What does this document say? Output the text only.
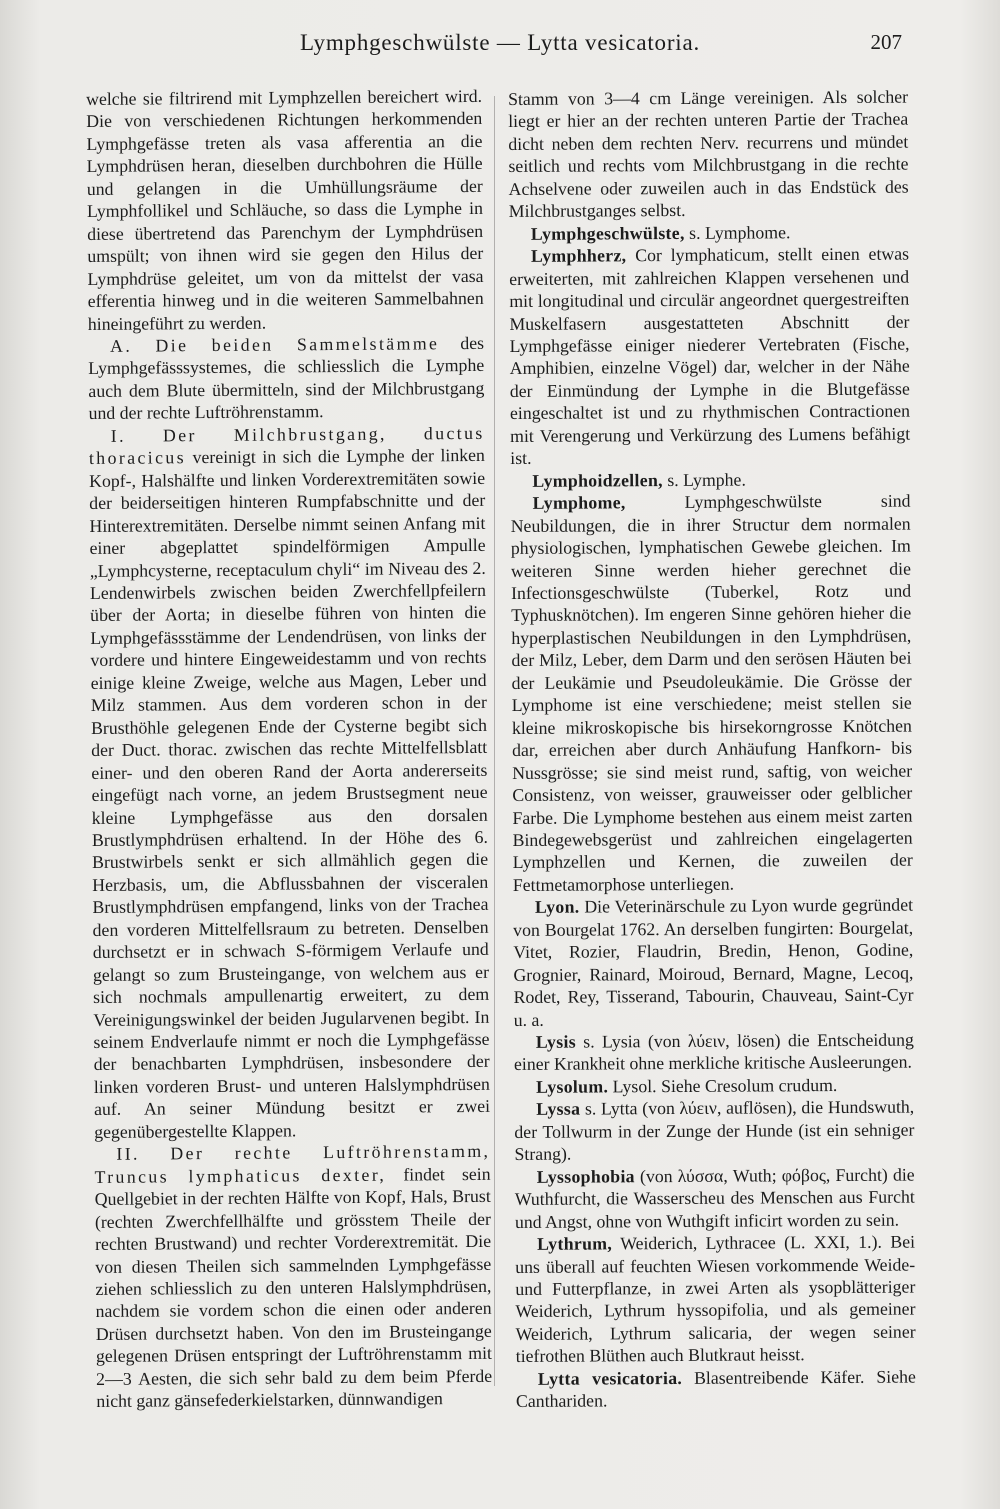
Lymphgeschwülste — Lytta vesicatoria.	207

welche sie filtrirend mit Lymphzellen bereichert wird. Die von verschiedenen Richtungen herkommenden Lymphgefässe treten als vasa afferentia an die Lymphdrüsen heran, dieselben durchbohren die Hülle und gelangen in die Umhüllungsräume der Lymphfollikel und Schläuche, so dass die Lymphe in diese übertretend das Parenchym der Lymphdrüsen umspült; von ihnen wird sie gegen den Hilus der Lymphdrüse geleitet, um von da mittelst der vasa efferentia hinweg und in die weiteren Sammelbahnen hineingeführt zu werden.

A. Die beiden Sammelstämme des Lymphgefässsystemes, die schliesslich die Lymphe auch dem Blute übermitteln, sind der Milchbrustgang und der rechte Luftröhrenstamm.

I. Der Milchbrustgang, ductus thoracicus vereinigt in sich die Lymphe der linken Kopf-, Halshälfte und linken Vorderextremitäten sowie der beiderseitigen hinteren Rumpfabschnitte und der Hinterextremitäten. Derselbe nimmt seinen Anfang mit einer abgeplattet spindelförmigen Ampulle „Lymphcysterne, receptaculum chyli“ im Niveau des 2. Lendenwirbels zwischen beiden Zwerchfellpfeilern über der Aorta; in dieselbe führen von hinten die Lymphgefässstämme der Lendendrüsen, von links der vordere und hintere Eingeweidestamm und von rechts einige kleine Zweige, welche aus Magen, Leber und Milz stammen. Aus dem vorderen schon in der Brusthöhle gelegenen Ende der Cysterne begibt sich der Duct. thorac. zwischen das rechte Mittelfellsblatt einer- und den oberen Rand der Aorta andererseits eingefügt nach vorne, an jedem Brustsegment neue kleine Lymphgefässe aus den dorsalen Brustlymphdrüsen erhaltend. In der Höhe des 6. Brustwirbels senkt er sich allmählich gegen die Herzbasis, um, die Abflussbahnen der visceralen Brustlymphdrüsen empfangend, links von der Trachea den vorderen Mittelfellsraum zu betreten. Denselben durchsetzt er in schwach S-förmigem Verlaufe und gelangt so zum Brusteingange, von welchem aus er sich nochmals ampullenartig erweitert, zu dem Vereinigungswinkel der beiden Jugularvenen begibt. In seinem Endverlaufe nimmt er noch die Lymphgefässe der benachbarten Lymphdrüsen, insbesondere der linken vorderen Brust- und unteren Halslymphdrüsen auf. An seiner Mündung besitzt er zwei gegenübergestellte Klappen.

II. Der rechte Luftröhrenstamm, Truncus lymphaticus dexter, findet sein Quellgebiet in der rechten Hälfte von Kopf, Hals, Brust (rechten Zwerchfellhälfte und grösstem Theile der rechten Brustwand) und rechter Vorderextremität. Die von diesen Theilen sich sammelnden Lymphgefässe ziehen schliesslich zu den unteren Halslymphdrüsen, nachdem sie vordem schon die einen oder anderen Drüsen durchsetzt haben. Von den im Brusteingange gelegenen Drüsen entspringt der Luftröhrenstamm mit 2—3 Aesten, die sich sehr bald zu dem beim Pferde nicht ganz gänsefederkielstarken, dünnwandigen

Stamm von 3—4 cm Länge vereinigen. Als solcher liegt er hier an der rechten unteren Partie der Trachea dicht neben dem rechten Nerv. recurrens und mündet seitlich und rechts vom Milchbrustgang in die rechte Achselvene oder zuweilen auch in das Endstück des Milchbrustganges selbst.

Lymphgeschwülste, s. Lymphome.

Lymphherz, Cor lymphaticum, stellt einen etwas erweiterten, mit zahlreichen Klappen versehenen und mit longitudinal und circulär angeordnet quergestreiften Muskelfasern ausgestatteten Abschnitt der Lymphgefässe einiger niederer Vertebraten (Fische, Amphibien, einzelne Vögel) dar, welcher in der Nähe der Einmündung der Lymphe in die Blutgefässe eingeschaltet ist und zu rhythmischen Contractionen mit Verengerung und Verkürzung des Lumens befähigt ist.

Lymphoidzellen, s. Lymphe.

Lymphome, Lymphgeschwülste sind Neubildungen, die in ihrer Structur dem normalen physiologischen, lymphatischen Gewebe gleichen. Im weiteren Sinne werden hieher gerechnet die Infectionsgeschwülste (Tuberkel, Rotz und Typhusknötchen). Im engeren Sinne gehören hieher die hyperplastischen Neubildungen in den Lymphdrüsen, der Milz, Leber, dem Darm und den serösen Häuten bei der Leukämie und Pseudoleukämie. Die Grösse der Lymphome ist eine verschiedene; meist stellen sie kleine mikroskopische bis hirsekorngrosse Knötchen dar, erreichen aber durch Anhäufung Hanfkorn- bis Nussgrösse; sie sind meist rund, saftig, von weicher Consistenz, von weisser, grauweisser oder gelblicher Farbe. Die Lymphome bestehen aus einem meist zarten Bindegewebsgerüst und zahlreichen eingelagerten Lymphzellen und Kernen, die zuweilen der Fettmetamorphose unterliegen.

Lyon. Die Veterinärschule zu Lyon wurde gegründet von Bourgelat 1762. An derselben fungirten: Bourgelat, Vitet, Rozier, Flaudrin, Bredin, Henon, Godine, Grognier, Rainard, Moiroud, Bernard, Magne, Lecoq, Rodet, Rey, Tisserand, Tabourin, Chauveau, Saint-Cyr u. a.

Lysis s. Lysia (von λύειν, lösen) die Entscheidung einer Krankheit ohne merkliche kritische Ausleerungen.

Lysolum. Lysol. Siehe Cresolum crudum.

Lyssa s. Lytta (von λύειν, auflösen), die Hundswuth, der Tollwurm in der Zunge der Hunde (ist ein sehniger Strang).

Lyssophobia (von λύσσα, Wuth; φόβος, Furcht) die Wuthfurcht, die Wasserscheu des Menschen aus Furcht und Angst, ohne von Wuthgift inficirt worden zu sein.

Lythrum, Weiderich, Lythracee (L. XXI, 1.). Bei uns überall auf feuchten Wiesen vorkommende Weide- und Futterpflanze, in zwei Arten als ysopblätteriger Weiderich, Lythrum hyssopifolia, und als gemeiner Weiderich, Lythrum salicaria, der wegen seiner tiefrothen Blüthen auch Blutkraut heisst.

Lytta vesicatoria. Blasentreibende Käfer. Siehe Canthariden.
